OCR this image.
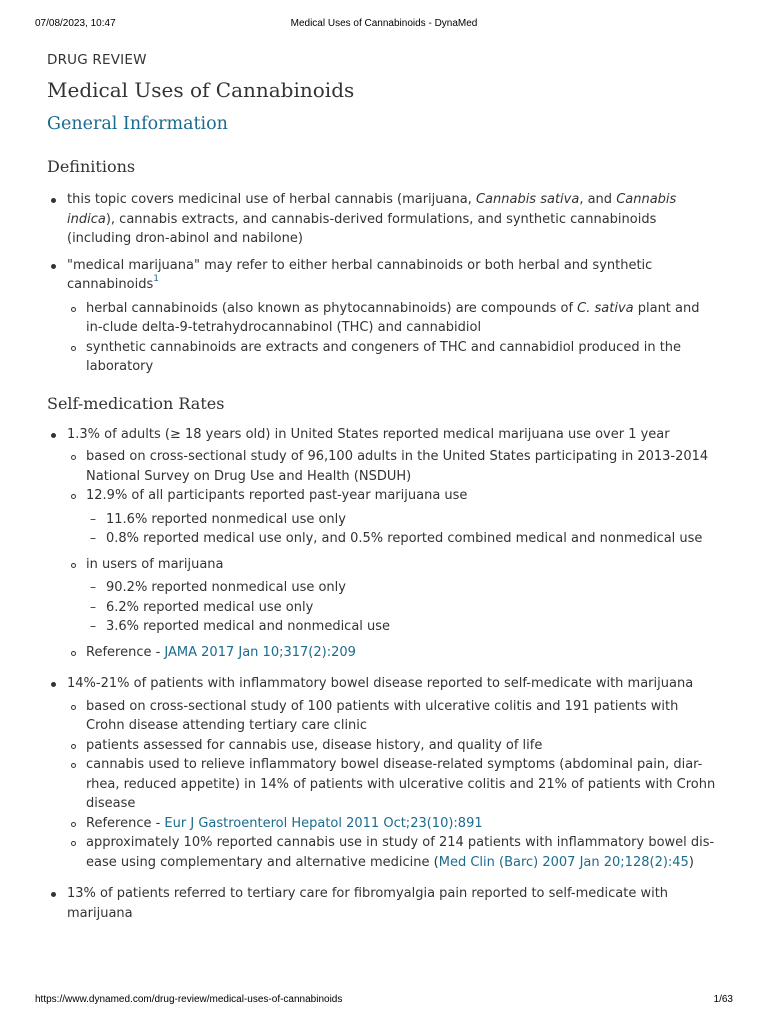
07/08/2023, 10:47	Medical Uses of Cannabinoids - DynaMed
DRUG REVIEW
Medical Uses of Cannabinoids
General Information
Definitions
this topic covers medicinal use of herbal cannabis (marijuana, Cannabis sativa, and Cannabis indica), cannabis extracts, and cannabis-derived formulations, and synthetic cannabinoids (including dron-abinol and nabilone)
"medical marijuana" may refer to either herbal cannabinoids or both herbal and synthetic cannabinoids$^1$
herbal cannabinoids (also known as phytocannabinoids) are compounds of C. sativa plant and in-clude delta-9-tetrahydrocannabinol (THC) and cannabidiol
synthetic cannabinoids are extracts and congeners of THC and cannabidiol produced in the laboratory
Self-medication Rates
1.3% of adults (≥ 18 years old) in United States reported medical marijuana use over 1 year
based on cross-sectional study of 96,100 adults in the United States participating in 2013-2014 National Survey on Drug Use and Health (NSDUH)
12.9% of all participants reported past-year marijuana use
– 11.6% reported nonmedical use only
– 0.8% reported medical use only, and 0.5% reported combined medical and nonmedical use
in users of marijuana
– 90.2% reported nonmedical use only
– 6.2% reported medical use only
– 3.6% reported medical and nonmedical use
Reference - JAMA 2017 Jan 10;317(2):209
14%-21% of patients with inflammatory bowel disease reported to self-medicate with marijuana
based on cross-sectional study of 100 patients with ulcerative colitis and 191 patients with Crohn disease attending tertiary care clinic
patients assessed for cannabis use, disease history, and quality of life
cannabis used to relieve inflammatory bowel disease-related symptoms (abdominal pain, diar-rhea, reduced appetite) in 14% of patients with ulcerative colitis and 21% of patients with Crohn disease
Reference - Eur J Gastroenterol Hepatol 2011 Oct;23(10):891
approximately 10% reported cannabis use in study of 214 patients with inflammatory bowel dis-ease using complementary and alternative medicine (Med Clin (Barc) 2007 Jan 20;128(2):45)
13% of patients referred to tertiary care for fibromyalgia pain reported to self-medicate with marijuana
https://www.dynamed.com/drug-review/medical-uses-of-cannabinoids	1/63
